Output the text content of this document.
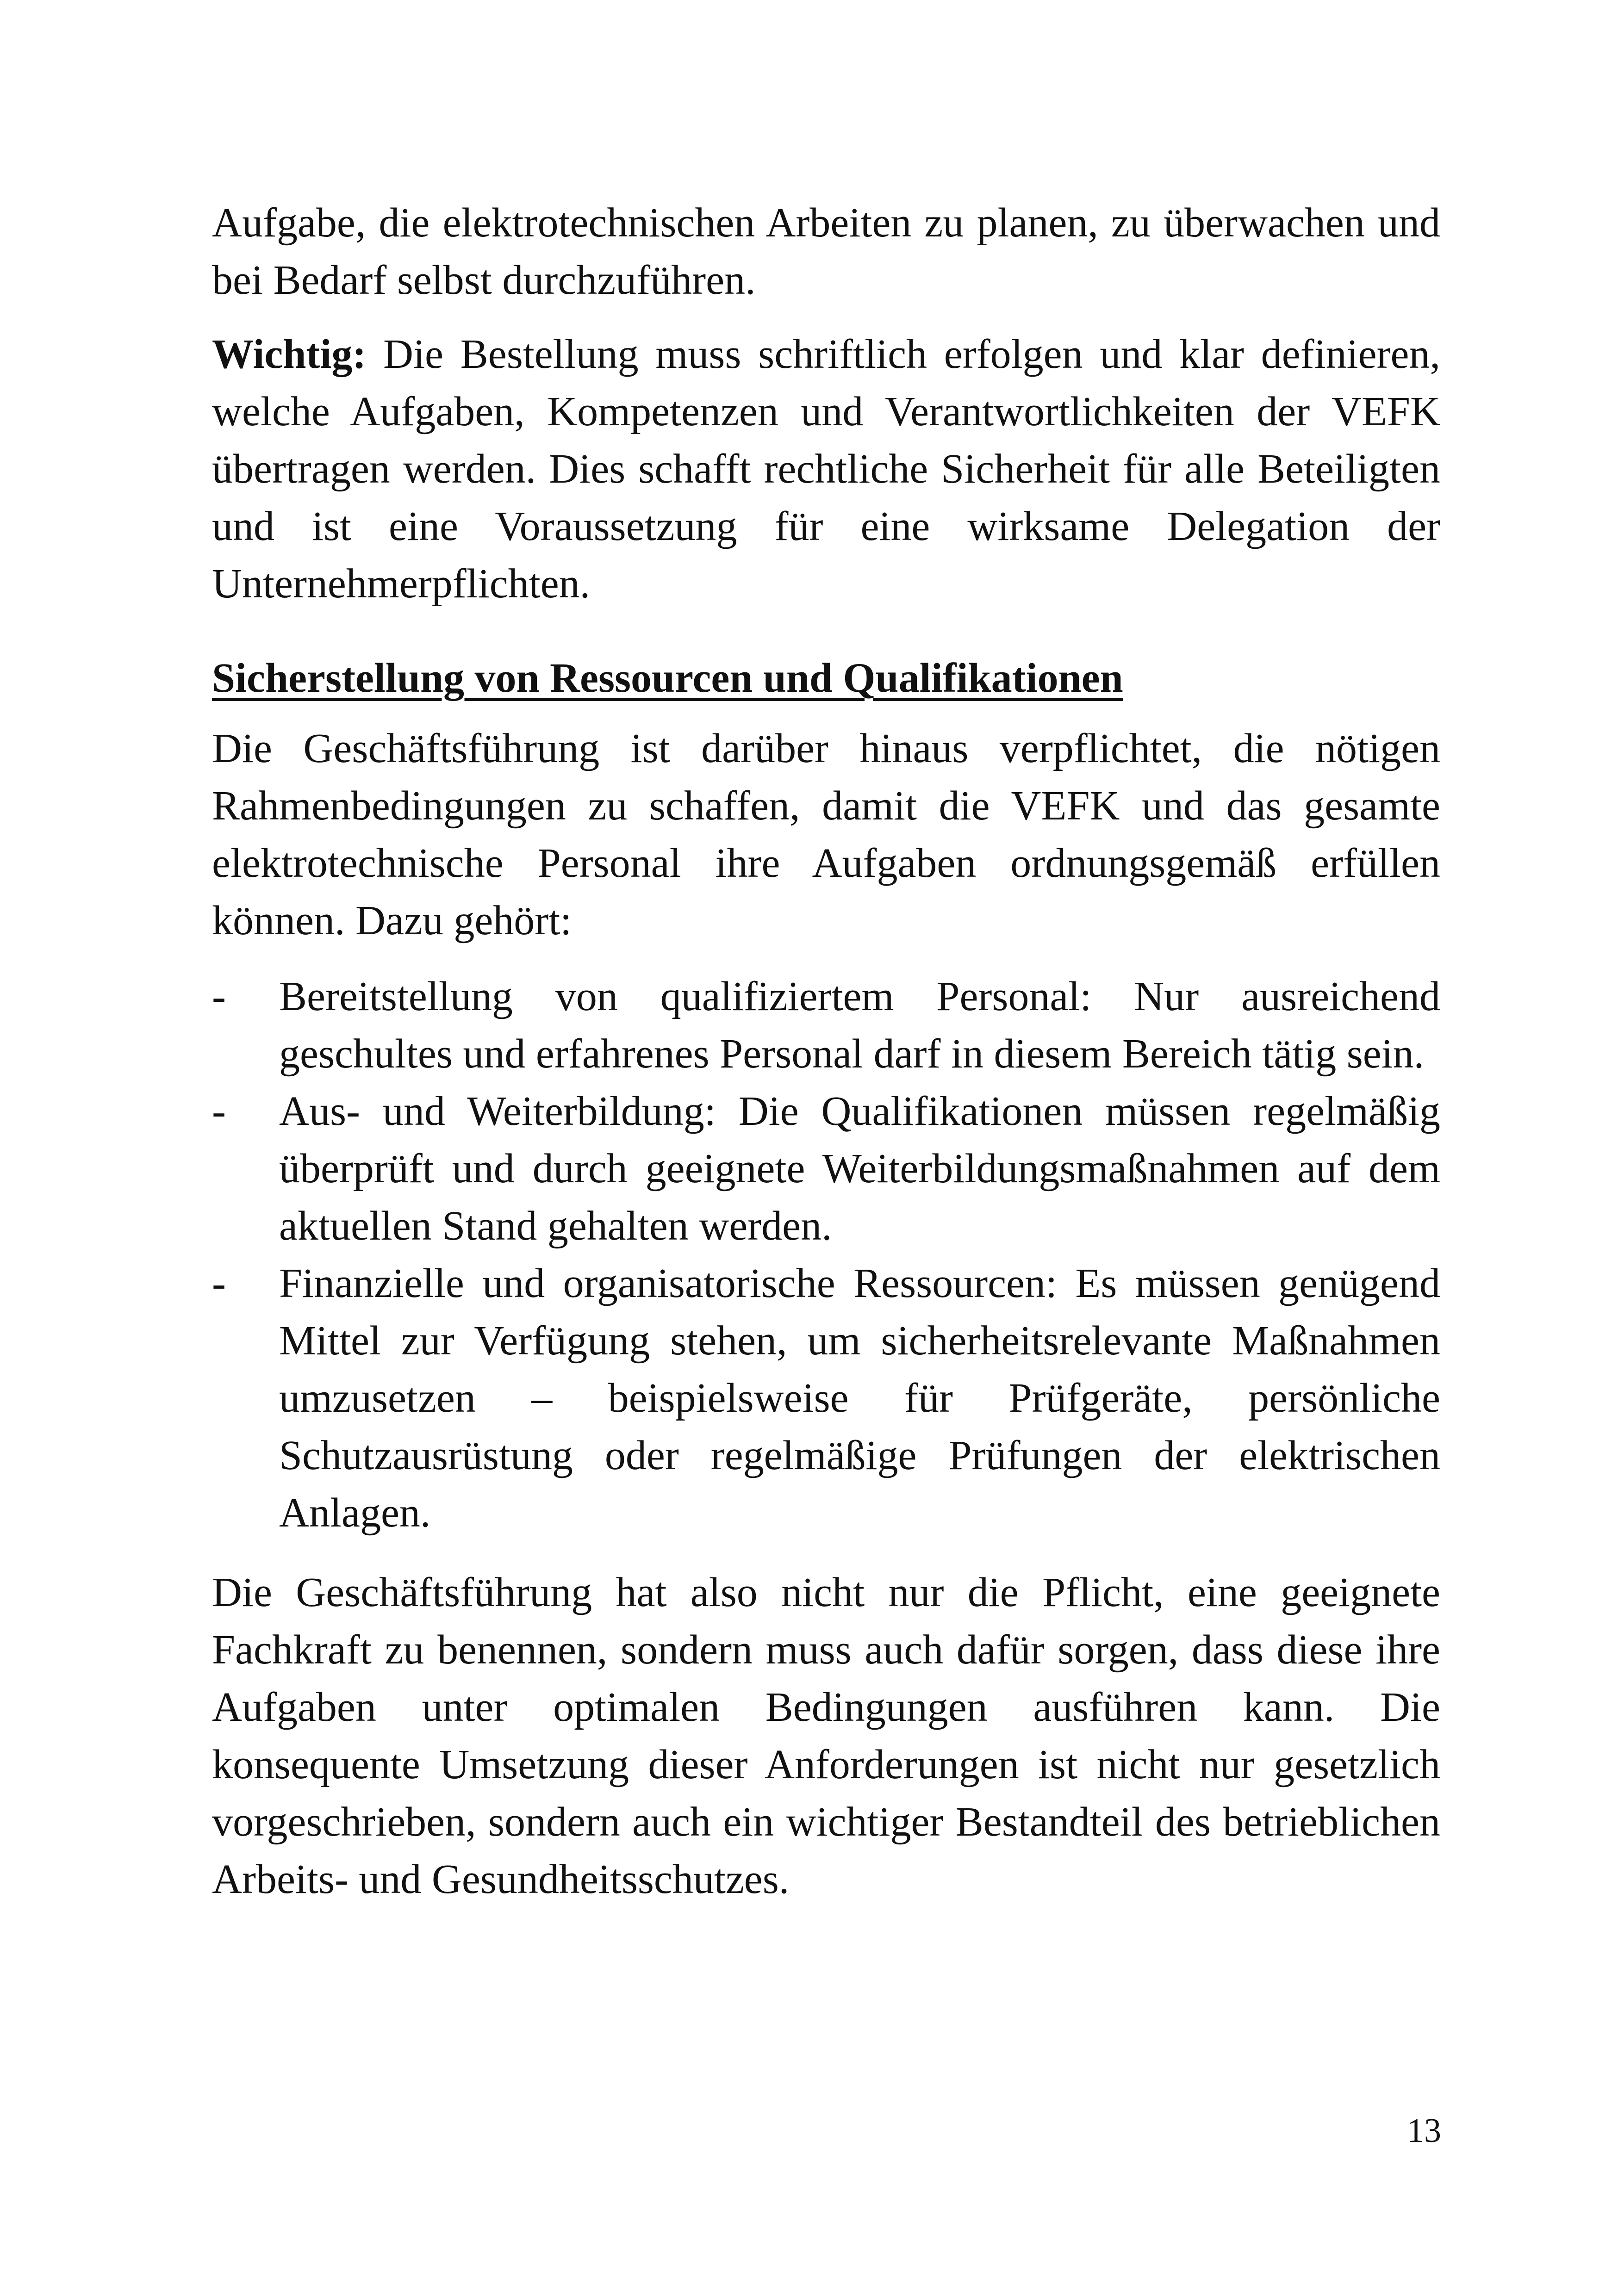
Aufgabe, die elektrotechnischen Arbeiten zu planen, zu überwachen und bei Bedarf selbst durchzuführen.

Wichtig: Die Bestellung muss schriftlich erfolgen und klar definieren, welche Aufgaben, Kompetenzen und Verantwortlichkeiten der VEFK übertragen werden. Dies schafft rechtliche Sicherheit für alle Beteiligten und ist eine Voraussetzung für eine wirksame Delegation der Unternehmerpflichten.

Sicherstellung von Ressourcen und Qualifikationen

Die Geschäftsführung ist darüber hinaus verpflichtet, die nötigen Rahmenbedingungen zu schaffen, damit die VEFK und das gesamte elektrotechnische Personal ihre Aufgaben ordnungsgemäß erfüllen können. Dazu gehört:

- Bereitstellung von qualifiziertem Personal: Nur ausreichend geschultes und erfahrenes Personal darf in diesem Bereich tätig sein.
- Aus- und Weiterbildung: Die Qualifikationen müssen regelmäßig überprüft und durch geeignete Weiterbildungsmaßnahmen auf dem aktuellen Stand gehalten werden.
- Finanzielle und organisatorische Ressourcen: Es müssen genügend Mittel zur Verfügung stehen, um sicherheitsrelevante Maßnahmen umzusetzen – beispielsweise für Prüfgeräte, persönliche Schutzausrüstung oder regelmäßige Prüfungen der elektrischen Anlagen.

Die Geschäftsführung hat also nicht nur die Pflicht, eine geeignete Fachkraft zu benennen, sondern muss auch dafür sorgen, dass diese ihre Aufgaben unter optimalen Bedingungen ausführen kann. Die konsequente Umsetzung dieser Anforderungen ist nicht nur gesetzlich vorgeschrieben, sondern auch ein wichtiger Bestandteil des betrieblichen Arbeits- und Gesundheitsschutzes.

13
